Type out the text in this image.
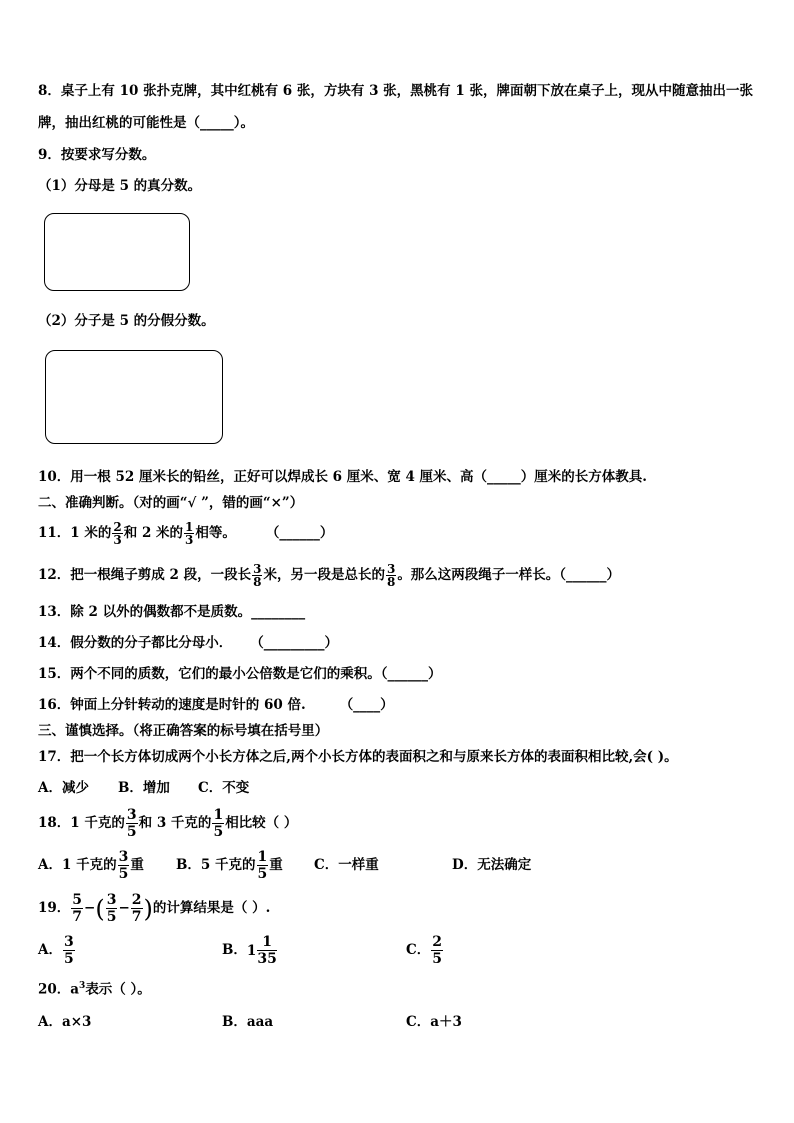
8．桌子上有 10 张扑克牌，其中红桃有 6 张，方块有 3 张，黑桃有 1 张，牌面朝下放在桌子上，现从中随意抽出一张
牌，抽出红桃的可能性是（_____）。
9．按要求写分数。
（1）分母是 5 的真分数。
（2）分子是 5 的分假分数。
10．用一根 52 厘米长的铅丝，正好可以焊成长 6 厘米、宽 4 厘米、高（_____）厘米的长方体教具.
二、准确判断。（对的画“√ ”，错的画“×”）
11．1 米的 $\frac{2}{3}$ 和 2 米的 $\frac{1}{3}$ 相等。 （______）
12．把一根绳子剪成 2 段，一段长 $\frac{3}{8}$ 米，另一段是总长的 $\frac{3}{8}$ 。那么这两段绳子一样长。（______）
13．除 2 以外的偶数都不是质数。________
14．假分数的分子都比分母小． （_________）
15．两个不同的质数，它们的最小公倍数是它们的乘积。（______）
16．钟面上分针转动的速度是时针的 60 倍.	（____）
三、谨慎选择。（将正确答案的标号填在括号里）
17．把一个长方体切成两个小长方体之后,两个小长方体的表面积之和与原来长方体的表面积相比较,会( )。
A．减少 B．增加 C．不变
18．1 千克的 $\frac{3}{5}$ 和 3 千克的 $\frac{1}{5}$ 相比较（ ）
A．1 千克的 $\frac{3}{5}$ 重 B．5 千克的 $\frac{1}{5}$ 重 C．一样重	D．无法确定
19． $\frac{5}{7}$ −( $\frac{3}{5} - \frac{2}{7}$ )的计算结果是（ ）.
A． $\frac{3}{5}$	B．$1 \frac{1}{35}$	C． $\frac{2}{5}$
20．$a^3$表示（ ）。
A．a×3	B．aaa	C．a＋3
